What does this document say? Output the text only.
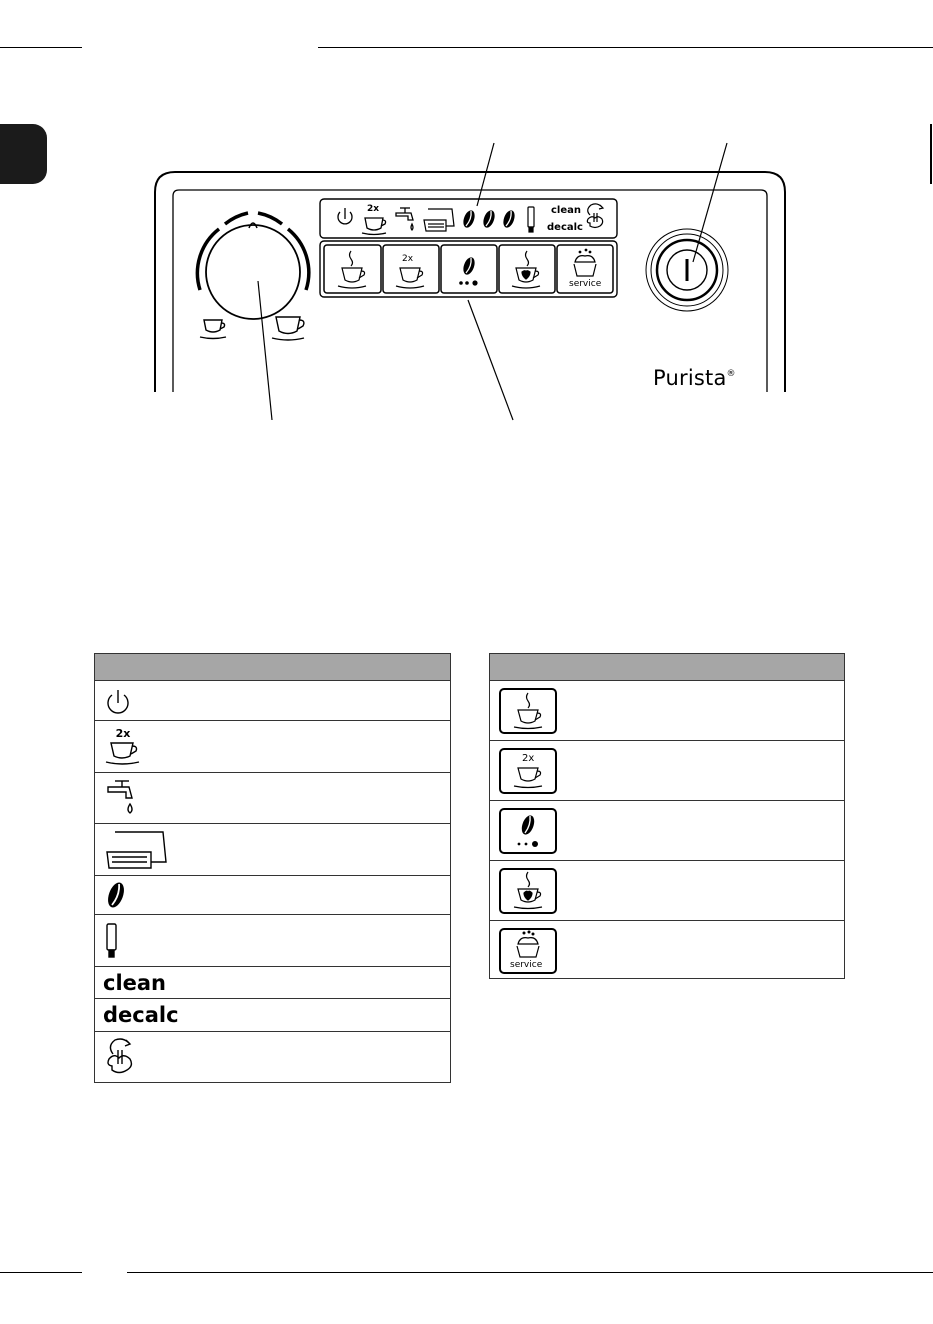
Purista®
clean
decalc
2x
2x
service
2x
clean
decalc
2x
service
